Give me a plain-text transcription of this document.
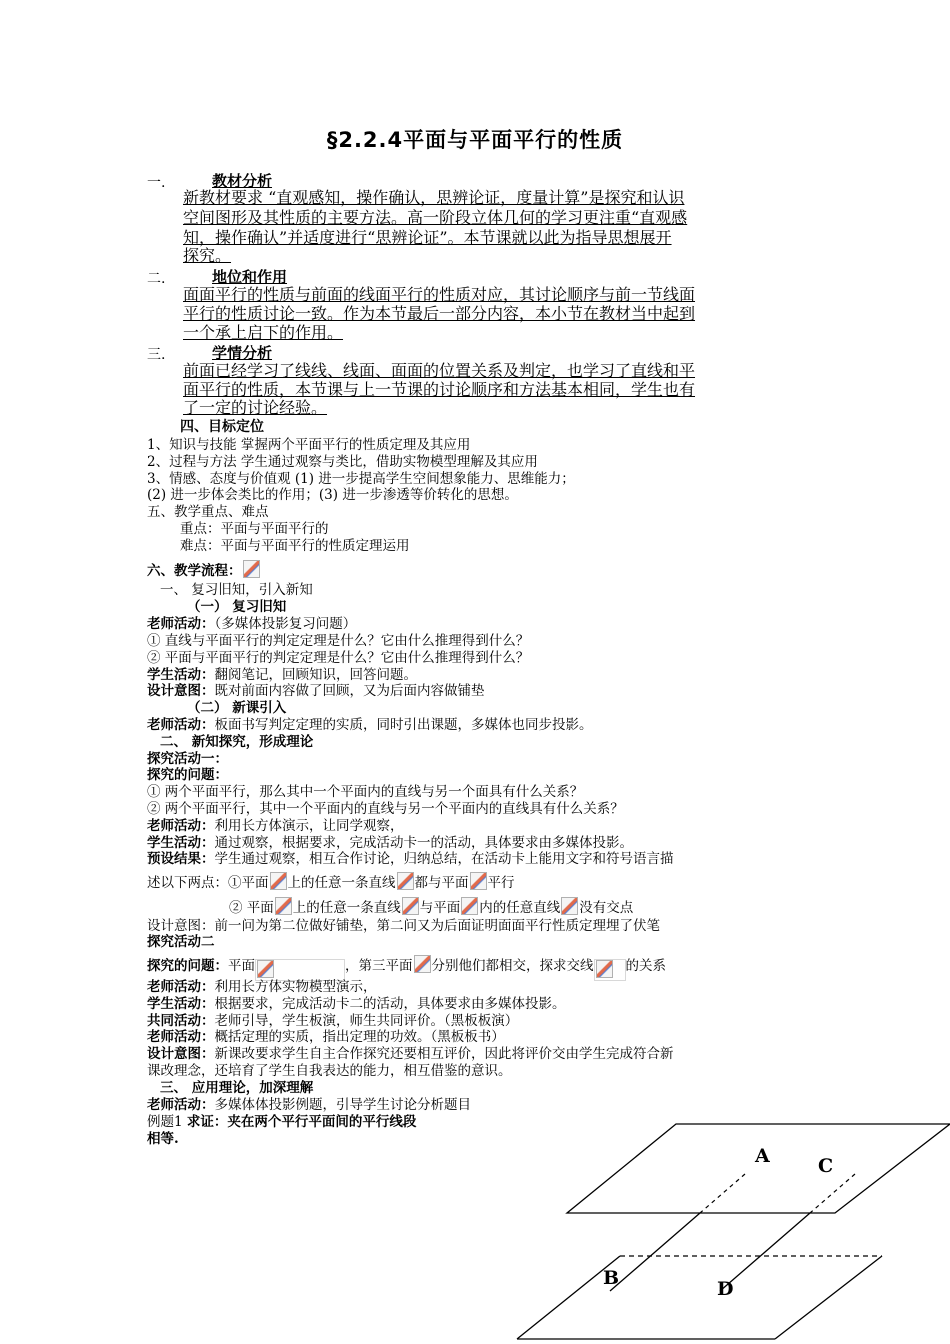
§2.2.4平面与平面平行的性质
一.	教材分析
新教材要求 “直观感知，操作确认，思辨论证，度量计算”是探究和认识
空间图形及其性质的主要方法。高一阶段立体几何的学习更注重“直观感
知，操作确认”并适度进行“思辨论证”。本节课就以此为指导思想展开
探究。
二.	地位和作用
面面平行的性质与前面的线面平行的性质对应，其讨论顺序与前一节线面
平行的性质讨论一致。作为本节最后一部分内容，本小节在教材当中起到
一个承上启下的作用。
三.	学情分析
前面已经学习了线线、线面、面面的位置关系及判定，也学习了直线和平
面平行的性质，本节课与上一节课的讨论顺序和方法基本相同，学生也有
了一定的讨论经验。
四、目标定位
1、知识与技能 掌握两个平面平行的性质定理及其应用
2、过程与方法 学生通过观察与类比，借助实物模型理解及其应用
3、情感、态度与价值观 (1) 进一步提高学生空间想象能力、思维能力；
(2) 进一步体会类比的作用；(3) 进一步渗透等价转化的思想。
五、教学重点、难点
重点：平面与平面平行的
难点：平面与平面平行的性质定理运用
六、教学流程：
一、 复习旧知，引入新知
（一） 复习旧知
老师活动：（多媒体投影复习问题）
① 直线与平面平行的判定定理是什么？它由什么推理得到什么？
② 平面与平面平行的判定定理是什么？它由什么推理得到什么？
学生活动：翻阅笔记，回顾知识，回答问题。
设计意图：既对前面内容做了回顾，又为后面内容做铺垫
（二） 新课引入
老师活动：板面书写判定定理的实质，同时引出课题，多媒体也同步投影。
二、 新知探究，形成理论
探究活动一：
探究的问题：
① 两个平面平行，那么其中一个平面内的直线与另一个面具有什么关系？
② 两个平面平行，其中一个平面内的直线与另一个平面内的直线具有什么关系？
老师活动：利用长方体演示，让同学观察，
学生活动：通过观察，根据要求，完成活动卡一的活动，具体要求由多媒体投影。
预设结果：学生通过观察，相互合作讨论，归纳总结，在活动卡上能用文字和符号语言描
述以下两点：①平面 上的任意一条直线 都与平面 平行
② 平面 上的任意一条直线 与平面 内的任意直线 没有交点
设计意图：前一问为第二位做好铺垫，第二问又为后面证明面面平行性质定理埋了伏笔
探究活动二
探究的问题：平面	，第三平面 分别他们都相交，探求交线 的关系
老师活动：利用长方体实物模型演示，
学生活动：根据要求，完成活动卡二的活动，具体要求由多媒体投影。
共同活动：老师引导，学生板演，师生共同评价。（黑板板演）
老师活动：概括定理的实质，指出定理的功效。（黑板板书）
设计意图：新课改要求学生自主合作探究还要相互评价，因此将评价交由学生完成符合新
课改理念，还培育了学生自我表达的能力，相互借鉴的意识。
三、 应用理论，加深理解
老师活动：多媒体体投影例题，引导学生讨论分析题目
例题1 求证：夹在两个平行平面间的平行线段
相等.
A	C
B	D
